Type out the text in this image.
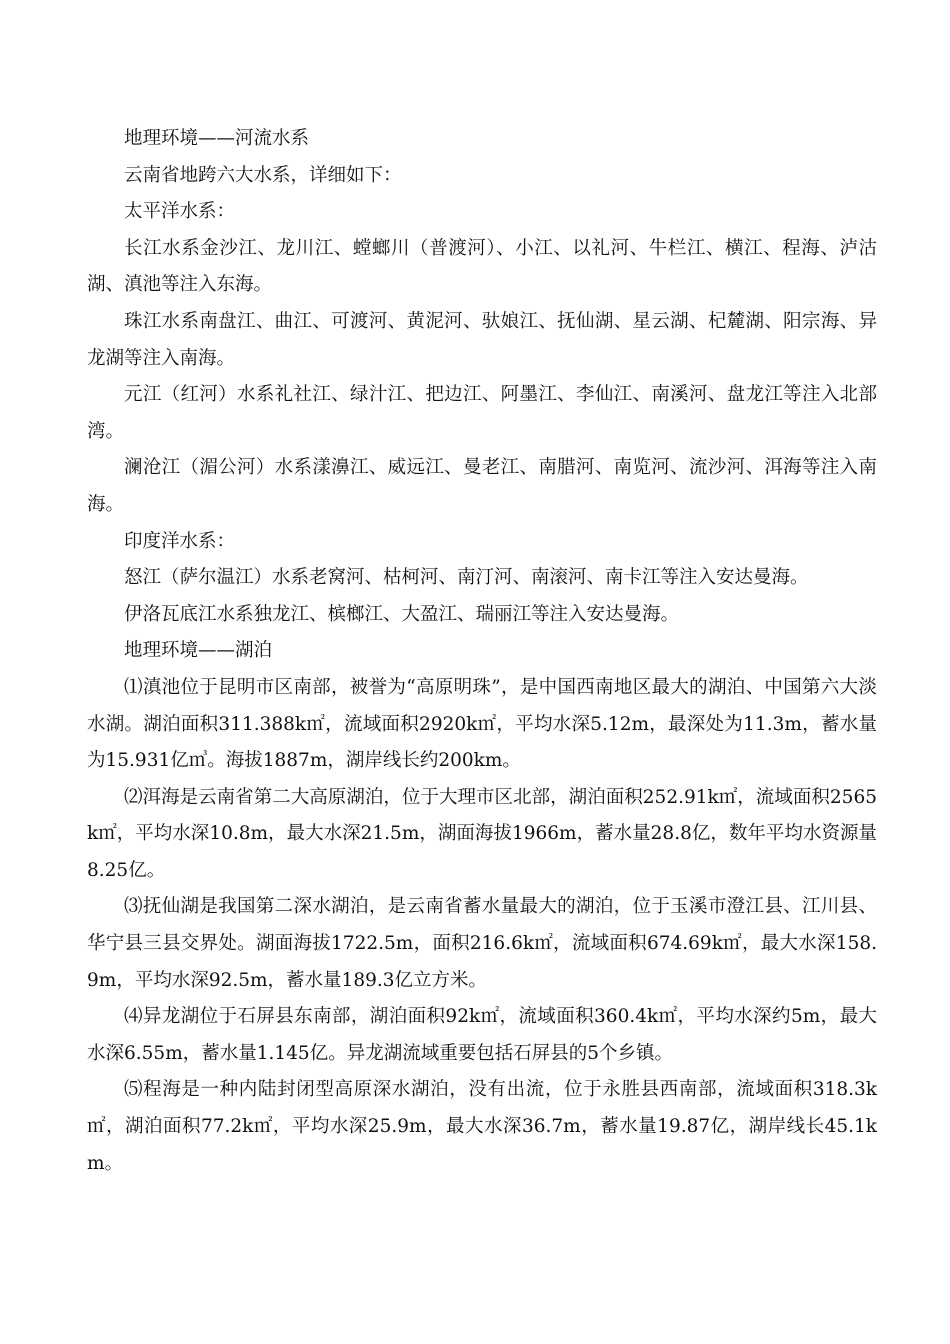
地理环境——河流水系

云南省地跨六大水系，详细如下：

太平洋水系：

长江水系金沙江、龙川江、螳螂川（普渡河）、小江、以礼河、牛栏江、横江、程海、泸沽湖、滇池等注入东海。

珠江水系南盘江、曲江、可渡河、黄泥河、驮娘江、抚仙湖、星云湖、杞麓湖、阳宗海、异龙湖等注入南海。

元江（红河）水系礼社江、绿汁江、把边江、阿墨江、李仙江、南溪河、盘龙江等注入北部湾。

澜沧江（湄公河）水系漾濞江、威远江、曼老江、南腊河、南览河、流沙河、洱海等注入南海。

印度洋水系：

怒江（萨尔温江）水系老窝河、枯柯河、南汀河、南滚河、南卡江等注入安达曼海。

伊洛瓦底江水系独龙江、槟榔江、大盈江、瑞丽江等注入安达曼海。

地理环境——湖泊

⑴滇池位于昆明市区南部，被誉为“高原明珠”，是中国西南地区最大的湖泊、中国第六大淡水湖。湖泊面积311.388k㎡，流域面积2920k㎡，平均水深5.12m，最深处为11.3m，蓄水量为15.931亿㎥。海拔1887m，湖岸线长约200km。

⑵洱海是云南省第二大高原湖泊，位于大理市区北部，湖泊面积252.91k㎡，流域面积2565k㎡，平均水深10.8m，最大水深21.5m，湖面海拔1966m，蓄水量28.8亿，数年平均水资源量8.25亿。

⑶抚仙湖是我国第二深水湖泊，是云南省蓄水量最大的湖泊，位于玉溪市澄江县、江川县、华宁县三县交界处。湖面海拔1722.5m，面积216.6k㎡，流域面积674.69k㎡，最大水深158.9m，平均水深92.5m，蓄水量189.3亿立方米。

⑷异龙湖位于石屏县东南部，湖泊面积92k㎡，流域面积360.4k㎡，平均水深约5m，最大水深6.55m，蓄水量1.145亿。异龙湖流域重要包括石屏县的5个乡镇。

⑸程海是一种内陆封闭型高原深水湖泊，没有出流，位于永胜县西南部，流域面积318.3k㎡，湖泊面积77.2k㎡，平均水深25.9m，最大水深36.7m，蓄水量19.87亿，湖岸线长45.1km。
